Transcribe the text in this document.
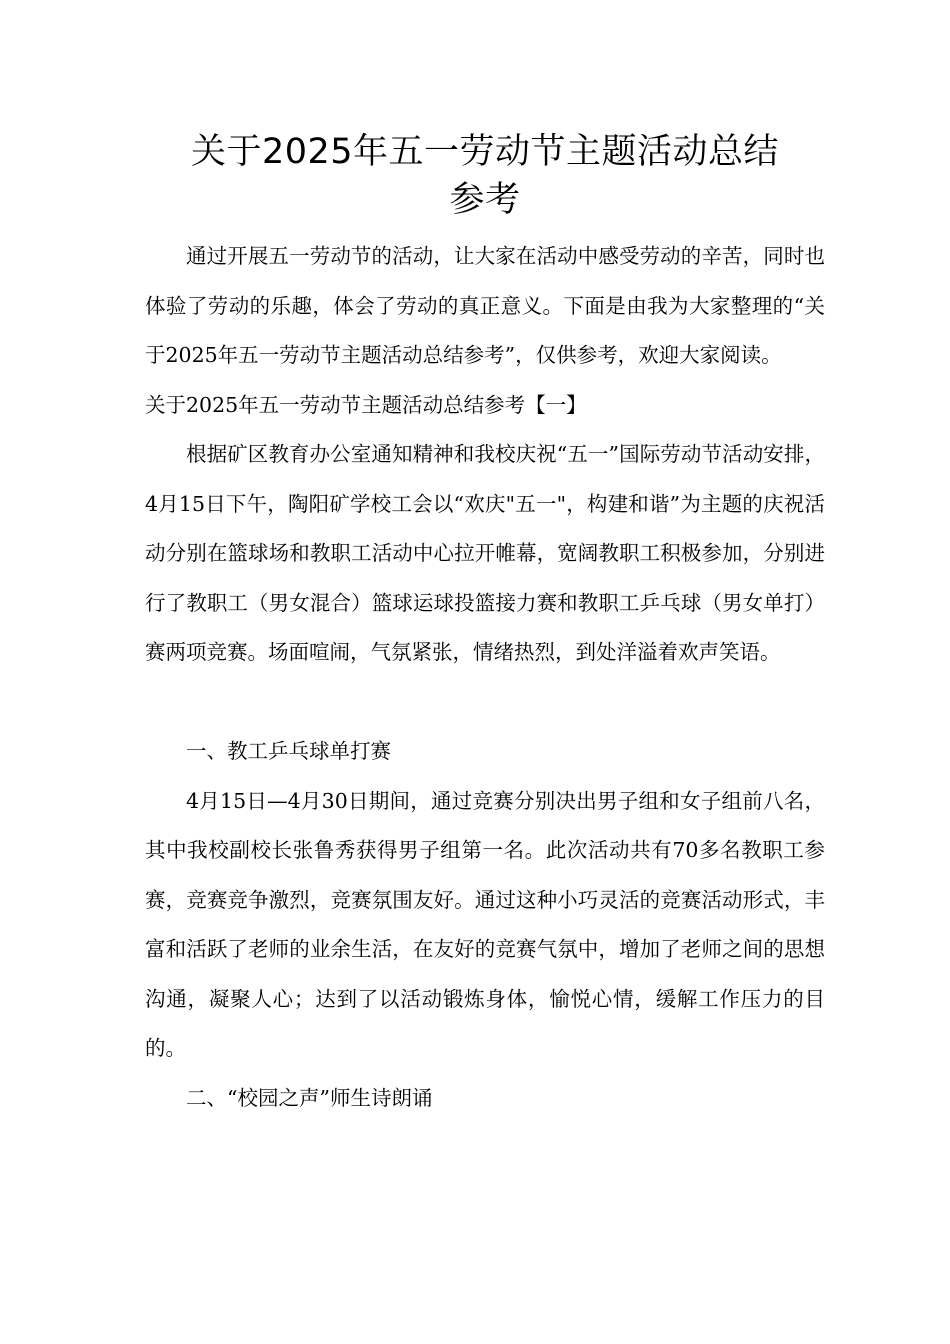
关于2025年五一劳动节主题活动总结
参考

通过开展五一劳动节的活动，让大家在活动中感受劳动的辛苦，同时也体验了劳动的乐趣，体会了劳动的真正意义。下面是由我为大家整理的“关于2025年五一劳动节主题活动总结参考”，仅供参考，欢迎大家阅读。

关于2025年五一劳动节主题活动总结参考【一】

根据矿区教育办公室通知精神和我校庆祝“五一”国际劳动节活动安排，4月15日下午，陶阳矿学校工会以“欢庆"五一"，构建和谐”为主题的庆祝活动分别在篮球场和教职工活动中心拉开帷幕，宽阔教职工积极参加，分别进行了教职工（男女混合）篮球运球投篮接力赛和教职工乒乓球（男女单打）赛两项竞赛。场面喧闹，气氛紧张，情绪热烈，到处洋溢着欢声笑语。

一、教工乒乓球单打赛

4月15日—4月30日期间，通过竞赛分别决出男子组和女子组前八名，其中我校副校长张鲁秀获得男子组第一名。此次活动共有70多名教职工参赛，竞赛竞争激烈，竞赛氛围友好。通过这种小巧灵活的竞赛活动形式，丰富和活跃了老师的业余生活，在友好的竞赛气氛中，增加了老师之间的思想沟通，凝聚人心；达到了以活动锻炼身体，愉悦心情，缓解工作压力的目的。

二、“校园之声”师生诗朗诵
